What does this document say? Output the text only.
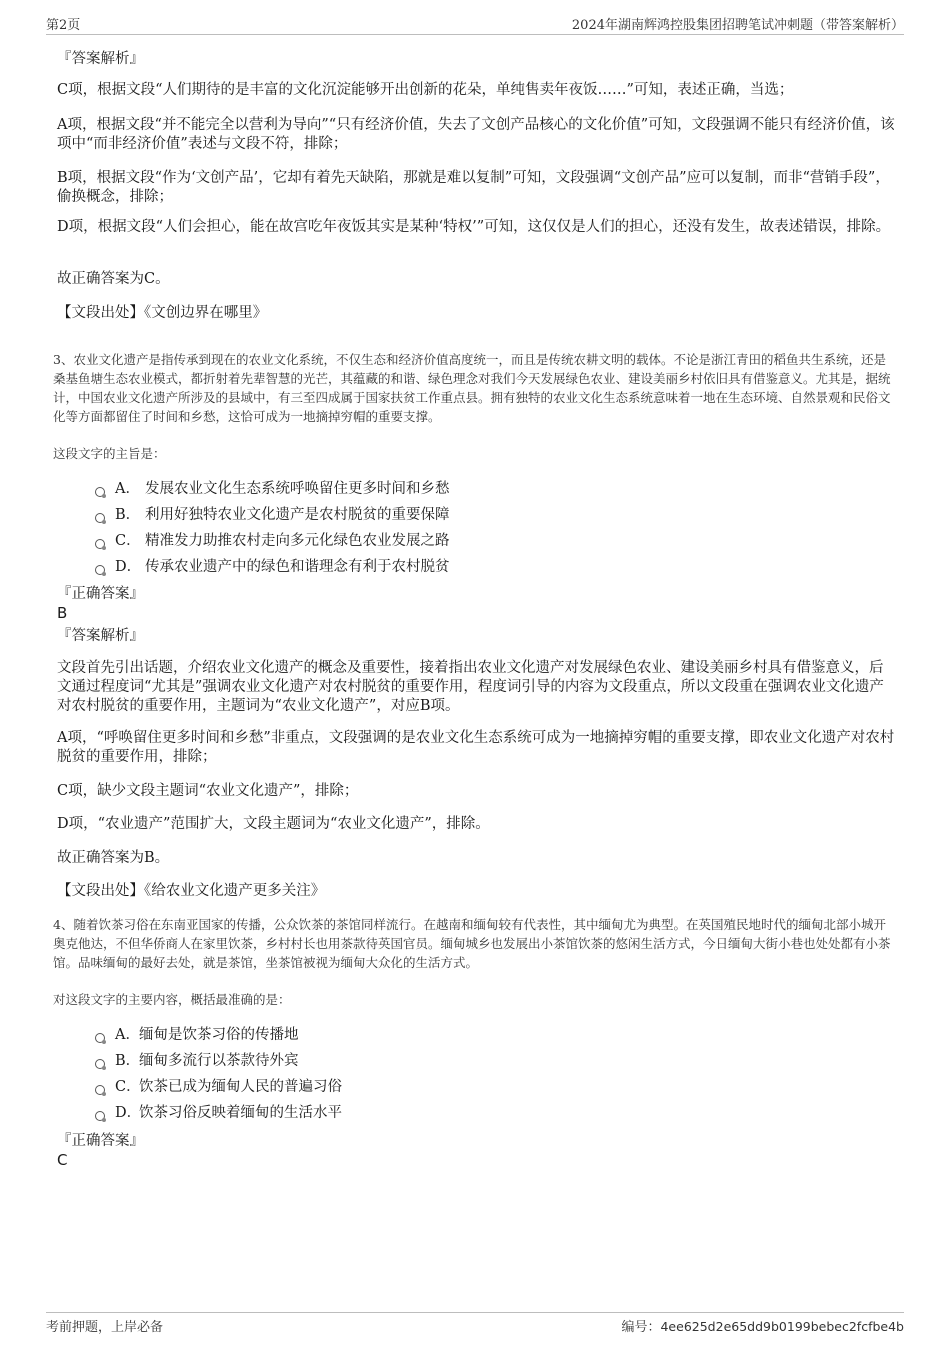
第2页	2024年湖南辉鸿控股集团招聘笔试冲刺题（带答案解析）
『答案解析』
C项，根据文段“人们期待的是丰富的文化沉淀能够开出创新的花朵，单纯售卖年夜饭……”可知，表述正确，当选；
A项，根据文段“并不能完全以营利为导向”“只有经济价值，失去了文创产品核心的文化价值”可知，文段强调不能只有经济价值，该项中“而非经济价值”表述与文段不符，排除；
B项，根据文段“作为‘文创产品’，它却有着先天缺陷，那就是难以复制”可知，文段强调“文创产品”应可以复制，而非“营销手段”，偷换概念，排除；
D项，根据文段“人们会担心，能在故宫吃年夜饭其实是某种‘特权’”可知，这仅仅是人们的担心，还没有发生，故表述错误，排除。
故正确答案为C。
【文段出处】《文创边界在哪里》
3、农业文化遗产是指传承到现在的农业文化系统，不仅生态和经济价值高度统一，而且是传统农耕文明的载体。不论是浙江青田的稻鱼共生系统，还是桑基鱼塘生态农业模式，都折射着先辈智慧的光芒，其蕴藏的和谐、绿色理念对我们今天发展绿色农业、建设美丽乡村依旧具有借鉴意义。尤其是，据统计，中国农业文化遗产所涉及的县域中，有三至四成属于国家扶贫工作重点县。拥有独特的农业文化生态系统意味着一地在生态环境、自然景观和民俗文化等方面都留住了时间和乡愁，这恰可成为一地摘掉穷帽的重要支撑。
这段文字的主旨是：
A． 发展农业文化生态系统呼唤留住更多时间和乡愁
B． 利用好独特农业文化遗产是农村脱贫的重要保障
C． 精准发力助推农村走向多元化绿色农业发展之路
D． 传承农业遗产中的绿色和谐理念有利于农村脱贫
『正确答案』
B
『答案解析』
文段首先引出话题，介绍农业文化遗产的概念及重要性，接着指出农业文化遗产对发展绿色农业、建设美丽乡村具有借鉴意义，后文通过程度词“尤其是”强调农业文化遗产对农村脱贫的重要作用，程度词引导的内容为文段重点，所以文段重在强调农业文化遗产对农村脱贫的重要作用，主题词为“农业文化遗产”，对应B项。
A项，“呼唤留住更多时间和乡愁”非重点，文段强调的是农业文化生态系统可成为一地摘掉穷帽的重要支撑，即农业文化遗产对农村脱贫的重要作用，排除；
C项，缺少文段主题词“农业文化遗产”，排除；
D项，“农业遗产”范围扩大，文段主题词为“农业文化遗产”，排除。
故正确答案为B。
【文段出处】《给农业文化遗产更多关注》
4、随着饮茶习俗在东南亚国家的传播，公众饮茶的茶馆同样流行。在越南和缅甸较有代表性，其中缅甸尤为典型。在英国殖民地时代的缅甸北部小城开奥克他达，不但华侨商人在家里饮茶，乡村村长也用茶款待英国官员。缅甸城乡也发展出小茶馆饮茶的悠闲生活方式，今日缅甸大街小巷也处处都有小茶馆。品味缅甸的最好去处，就是茶馆，坐茶馆被视为缅甸大众化的生活方式。
对这段文字的主要内容，概括最准确的是：
A． 缅甸是饮茶习俗的传播地
B．
缅甸多流行以茶款待外宾
C．
饮茶已成为缅甸人民的普遍习俗
D．
饮茶习俗反映着缅甸的生活水平
『正确答案』
C
考前押题，上岸必备	编号：4ee625d2e65dd9b0199bebec2fcfbe4b
